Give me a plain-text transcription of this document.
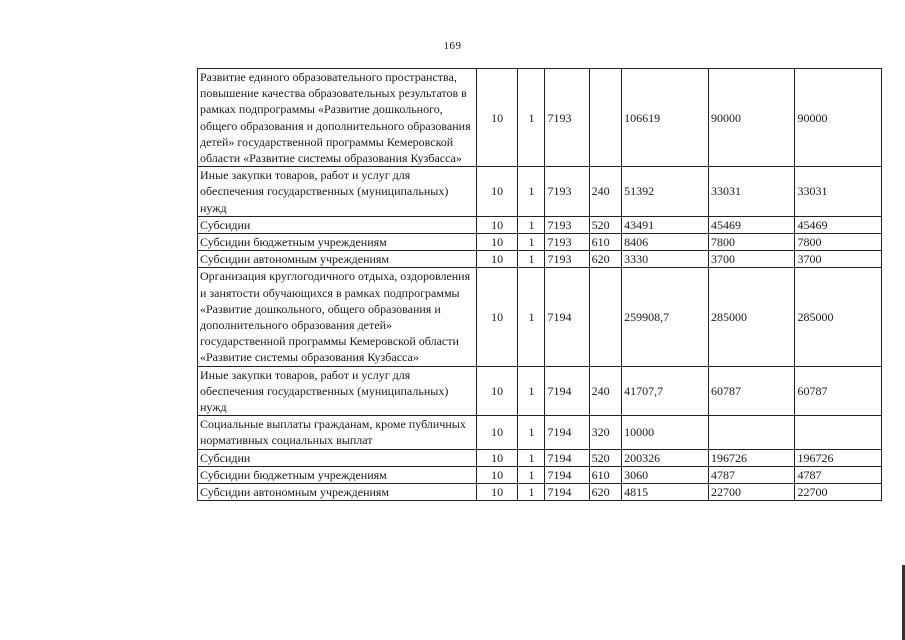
169
Развитие единого образовательного пространства, повышение качества образовательных результатов в рамках подпрограммы «Развитие дошкольного, общего образования и дополнительного образования детей» государственной программы Кемеровской области «Развитие системы образования Кузбасса»	10	1	7193		106619	90000	90000
Иные закупки товаров, работ и услуг для обеспечения государственных (муниципальных) нужд	10	1	7193	240	51392	33031	33031
Субсидии	10	1	7193	520	43491	45469	45469
Субсидии бюджетным учреждениям	10	1	7193	610	8406	7800	7800
Субсидии автономным учреждениям	10	1	7193	620	3330	3700	3700
Организация круглогодичного отдыха, оздоровления и занятости обучающихся в рамках подпрограммы «Развитие дошкольного, общего образования и дополнительного образования детей» государственной программы Кемеровской области «Развитие системы образования Кузбасса»	10	1	7194		259908,7	285000	285000
Иные закупки товаров, работ и услуг для обеспечения государственных (муниципальных) нужд	10	1	7194	240	41707,7	60787	60787
Социальные выплаты гражданам, кроме публичных нормативных социальных выплат	10	1	7194	320	10000		
Субсидии	10	1	7194	520	200326	196726	196726
Субсидии бюджетным учреждениям	10	1	7194	610	3060	4787	4787
Субсидии автономным учреждениям	10	1	7194	620	4815	22700	22700
